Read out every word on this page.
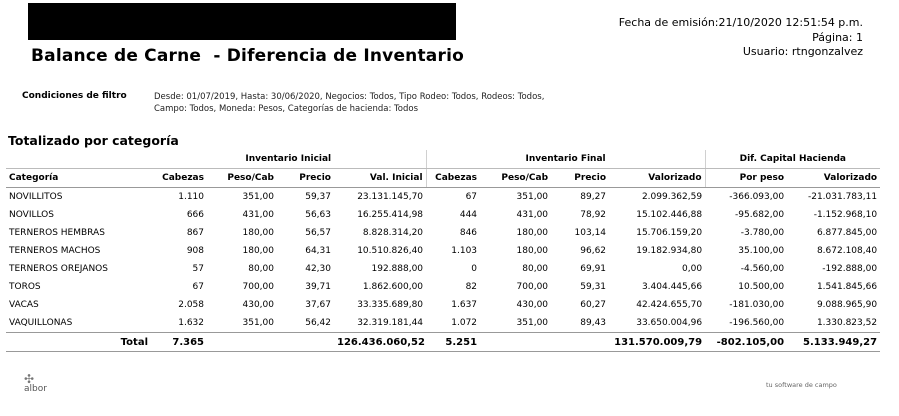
Balance de Carne  - Diferencia de Inventario
Fecha de emisión:21/10/2020 12:51:54 p.m.
Página: 1
Usuario: rtngonzalvez
Condiciones de filtro	Desde: 01/07/2019, Hasta: 30/06/2020, Negocios: Todos, Tipo Rodeo: Todos, Rodeos: Todos,
Campo: Todos, Moneda: Pesos, Categorías de hacienda: Todos
Totalizado por categoría
	Inventario Inicial				Inventario Final				Dif. Capital Hacienda	
Categoría	Cabezas	Peso/Cab	Precio	Val. Inicial	Cabezas	Peso/Cab	Precio	Valorizado	Por peso	Valorizado
NOVILLITOS	1.110	351,00	59,37	23.131.145,70	67	351,00	89,27	2.099.362,59	-366.093,00	-21.031.783,11
NOVILLOS	666	431,00	56,63	16.255.414,98	444	431,00	78,92	15.102.446,88	-95.682,00	-1.152.968,10
TERNEROS HEMBRAS	867	180,00	56,57	8.828.314,20	846	180,00	103,14	15.706.159,20	-3.780,00	6.877.845,00
TERNEROS MACHOS	908	180,00	64,31	10.510.826,40	1.103	180,00	96,62	19.182.934,80	35.100,00	8.672.108,40
TERNEROS OREJANOS	57	80,00	42,30	192.888,00	0	80,00	69,91	0,00	-4.560,00	-192.888,00
TOROS	67	700,00	39,71	1.862.600,00	82	700,00	59,31	3.404.445,66	10.500,00	1.541.845,66
VACAS	2.058	430,00	37,67	33.335.689,80	1.637	430,00	60,27	42.424.655,70	-181.030,00	9.088.965,90
VAQUILLONAS	1.632	351,00	56,42	32.319.181,44	1.072	351,00	89,43	33.650.004,96	-196.560,00	1.330.823,52
Total	7.365			126.436.060,52	5.251			131.570.009,79	-802.105,00	5.133.949,27
✣
albor	tu software de campo
